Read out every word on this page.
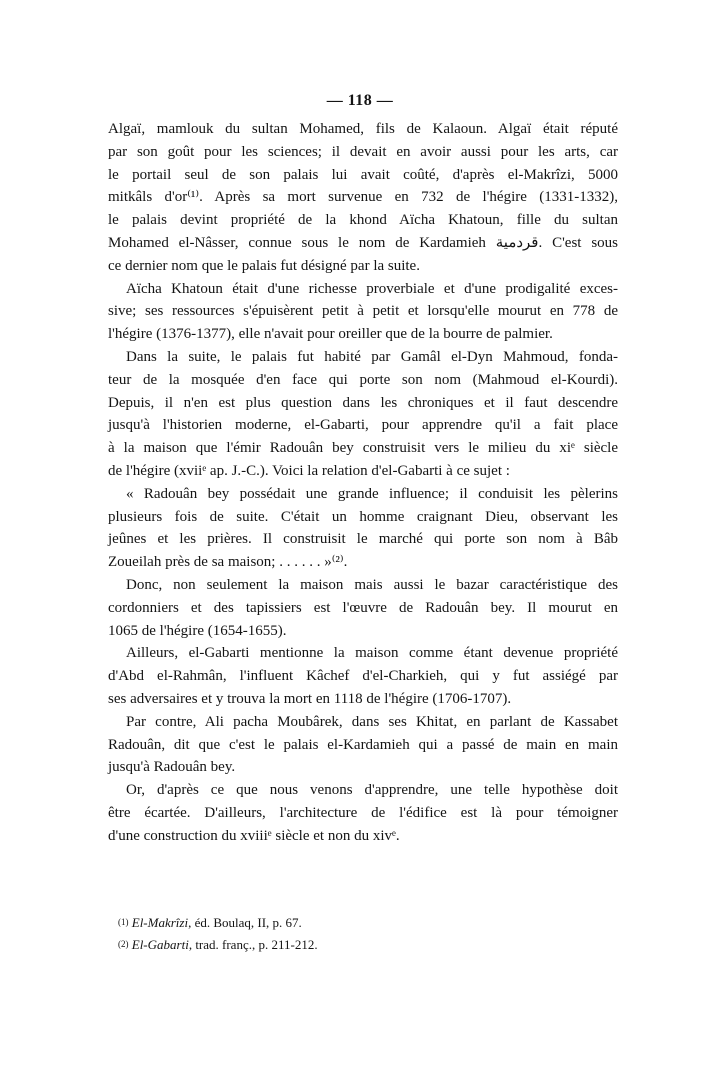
— 118 —
Algaï, mamlouk du sultan Mohamed, fils de Kalaoun. Algaï était réputé
par son goût pour les sciences; il devait en avoir aussi pour les arts, car
le portail seul de son palais lui avait coûté, d'après el-Makrîzi, 5000
mitkâls d'or⁽¹⁾. Après sa mort survenue en 732 de l'hégire (1331-1332),
le palais devint propriété de la khond Aïcha Khatoun, fille du sultan
Mohamed el-Nâsser, connue sous le nom de Kardamieh قردمية. C'est sous
ce dernier nom que le palais fut désigné par la suite.
Aïcha Khatoun était d'une richesse proverbiale et d'une prodigalité exces-
sive; ses ressources s'épuisèrent petit à petit et lorsqu'elle mourut en 778 de
l'hégire (1376-1377), elle n'avait pour oreiller que de la bourre de palmier.
Dans la suite, le palais fut habité par Gamâl el-Dyn Mahmoud, fonda-
teur de la mosquée d'en face qui porte son nom (Mahmoud el-Kourdi).
Depuis, il n'en est plus question dans les chroniques et il faut descendre
jusqu'à l'historien moderne, el-Gabarti, pour apprendre qu'il a fait place
à la maison que l'émir Radouân bey construisit vers le milieu du xiᵉ siècle
de l'hégire (xviiᵉ ap. J.-C.). Voici la relation d'el-Gabarti à ce sujet :
« Radouân bey possédait une grande influence; il conduisit les pèlerins
plusieurs fois de suite. C'était un homme craignant Dieu, observant les
jeûnes et les prières. Il construisit le marché qui porte son nom à Bâb
Zoueilah près de sa maison; . . . . . . »⁽²⁾.
Donc, non seulement la maison mais aussi le bazar caractéristique des
cordonniers et des tapissiers est l'œuvre de Radouân bey. Il mourut en
1065 de l'hégire (1654-1655).
Ailleurs, el-Gabarti mentionne la maison comme étant devenue propriété
d'Abd el-Rahmân, l'influent Kâchef d'el-Charkieh, qui y fut assiégé par
ses adversaires et y trouva la mort en 1118 de l'hégire (1706-1707).
Par contre, Ali pacha Moubârek, dans ses Khitat, en parlant de Kassabet
Radouân, dit que c'est le palais el-Kardamieh qui a passé de main en main
jusqu'à Radouân bey.
Or, d'après ce que nous venons d'apprendre, une telle hypothèse doit
être écartée. D'ailleurs, l'architecture de l'édifice est là pour témoigner
d'une construction du xviiiᵉ siècle et non du xivᵉ.
$^{(1)}$ El-Makrîzi, éd. Boulaq, II, p. 67.
$^{(2)}$ El-Gabarti, trad. franç., p. 211-212.
